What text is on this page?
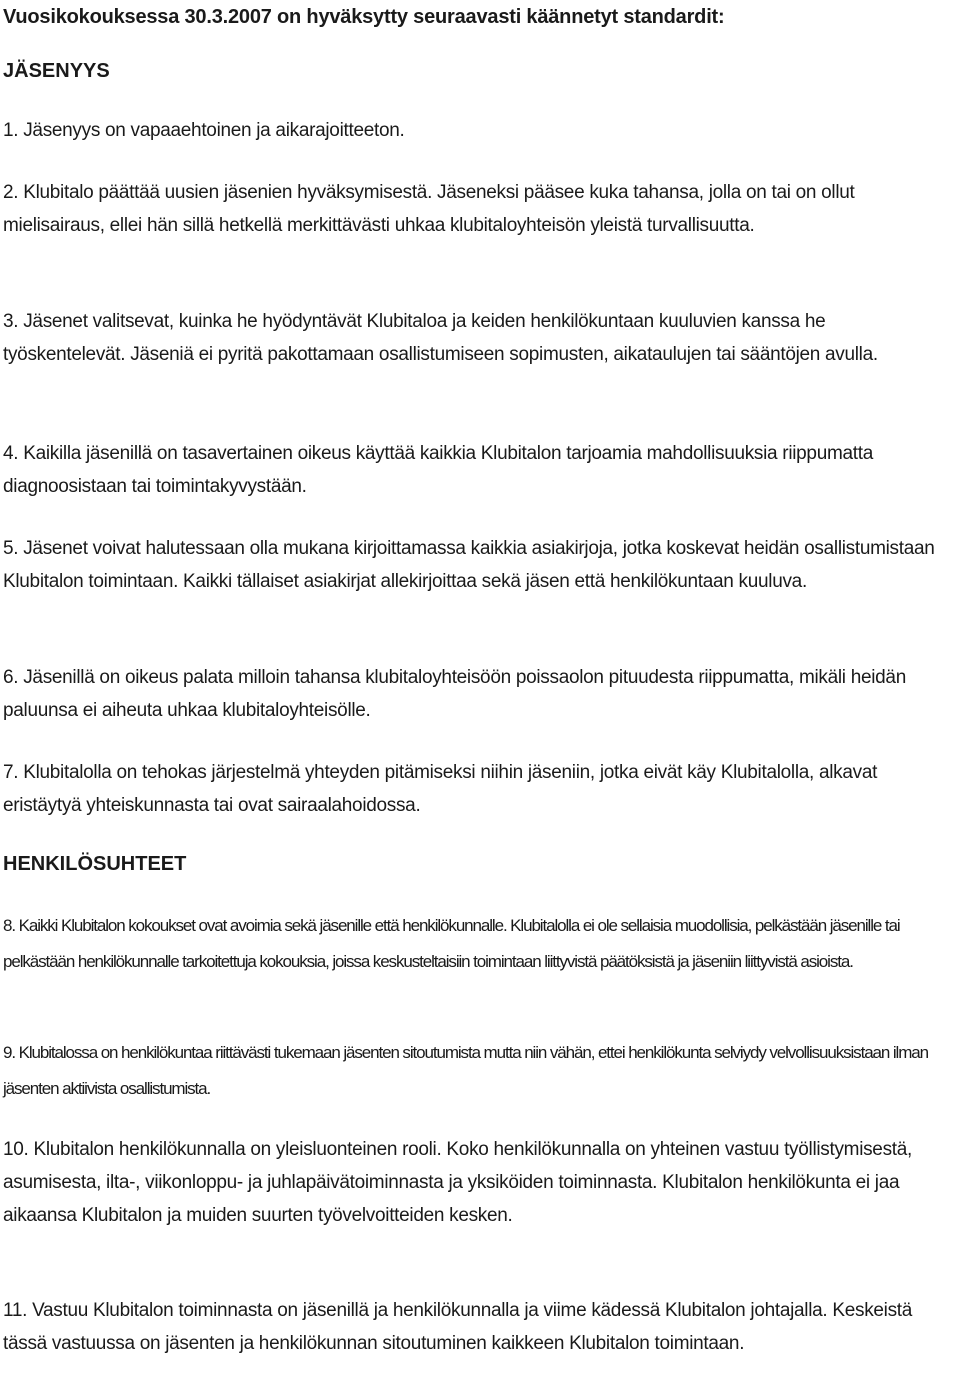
Vuosikokouksessa 30.3.2007 on hyväksytty seuraavasti käännetyt standardit:
JÄSENYYS

1. Jäsenyys on vapaaehtoinen ja aikarajoitteeton.

2. Klubitalo päättää uusien jäsenien hyväksymisestä. Jäseneksi pääsee kuka tahansa, jolla on tai on ollut mielisairaus, ellei hän sillä hetkellä merkittävästi uhkaa klubitaloyhteisön yleistä turvallisuutta.

3. Jäsenet valitsevat, kuinka he hyödyntävät Klubitaloa ja keiden henkilökuntaan kuuluvien kanssa he työskentelevät. Jäseniä ei pyritä pakottamaan osallistumiseen sopimusten, aikataulujen tai sääntöjen avulla.

4. Kaikilla jäsenillä on tasavertainen oikeus käyttää kaikkia Klubitalon tarjoamia mahdollisuuksia riippumatta diagnoosistaan tai toimintakyvystään.

5. Jäsenet voivat halutessaan olla mukana kirjoittamassa kaikkia asiakirjoja, jotka koskevat heidän osallistumistaan Klubitalon toimintaan. Kaikki tällaiset asiakirjat allekirjoittaa sekä jäsen että henkilökuntaan kuuluva.

6. Jäsenillä on oikeus palata milloin tahansa klubitaloyhteisöön poissaolon pituudesta riippumatta, mikäli heidän paluunsa ei aiheuta uhkaa klubitaloyhteisölle.

7. Klubitalolla on tehokas järjestelmä yhteyden pitämiseksi niihin jäseniin, jotka eivät käy Klubitalolla, alkavat eristäytyä yhteiskunnasta tai ovat sairaalahoidossa.

HENKILÖSUHTEET

8. Kaikki Klubitalon kokoukset ovat avoimia sekä jäsenille että henkilökunnalle. Klubitalolla ei ole sellaisia muodollisia, pelkästään jäsenille tai pelkästään henkilökunnalle tarkoitettuja kokouksia, joissa keskusteltaisiin toimintaan liittyvistä päätöksistä ja jäseniin liittyvistä asioista.

9. Klubitalossa on henkilökuntaa riittävästi tukemaan jäsenten sitoutumista mutta niin vähän, ettei henkilökunta selviydy velvollisuuksistaan ilman jäsenten aktiivista osallistumista.

10. Klubitalon henkilökunnalla on yleisluonteinen rooli. Koko henkilökunnalla on yhteinen vastuu työllistymisestä, asumisesta, ilta-, viikonloppu- ja juhlapäivätoiminnasta ja yksiköiden toiminnasta. Klubitalon henkilökunta ei jaa aikaansa Klubitalon ja muiden suurten työvelvoitteiden kesken.

11. Vastuu Klubitalon toiminnasta on jäsenillä ja henkilökunnalla ja viime kädessä Klubitalon johtajalla. Keskeistä tässä vastuussa on jäsenten ja henkilökunnan sitoutuminen kaikkeen Klubitalon toimintaan.
